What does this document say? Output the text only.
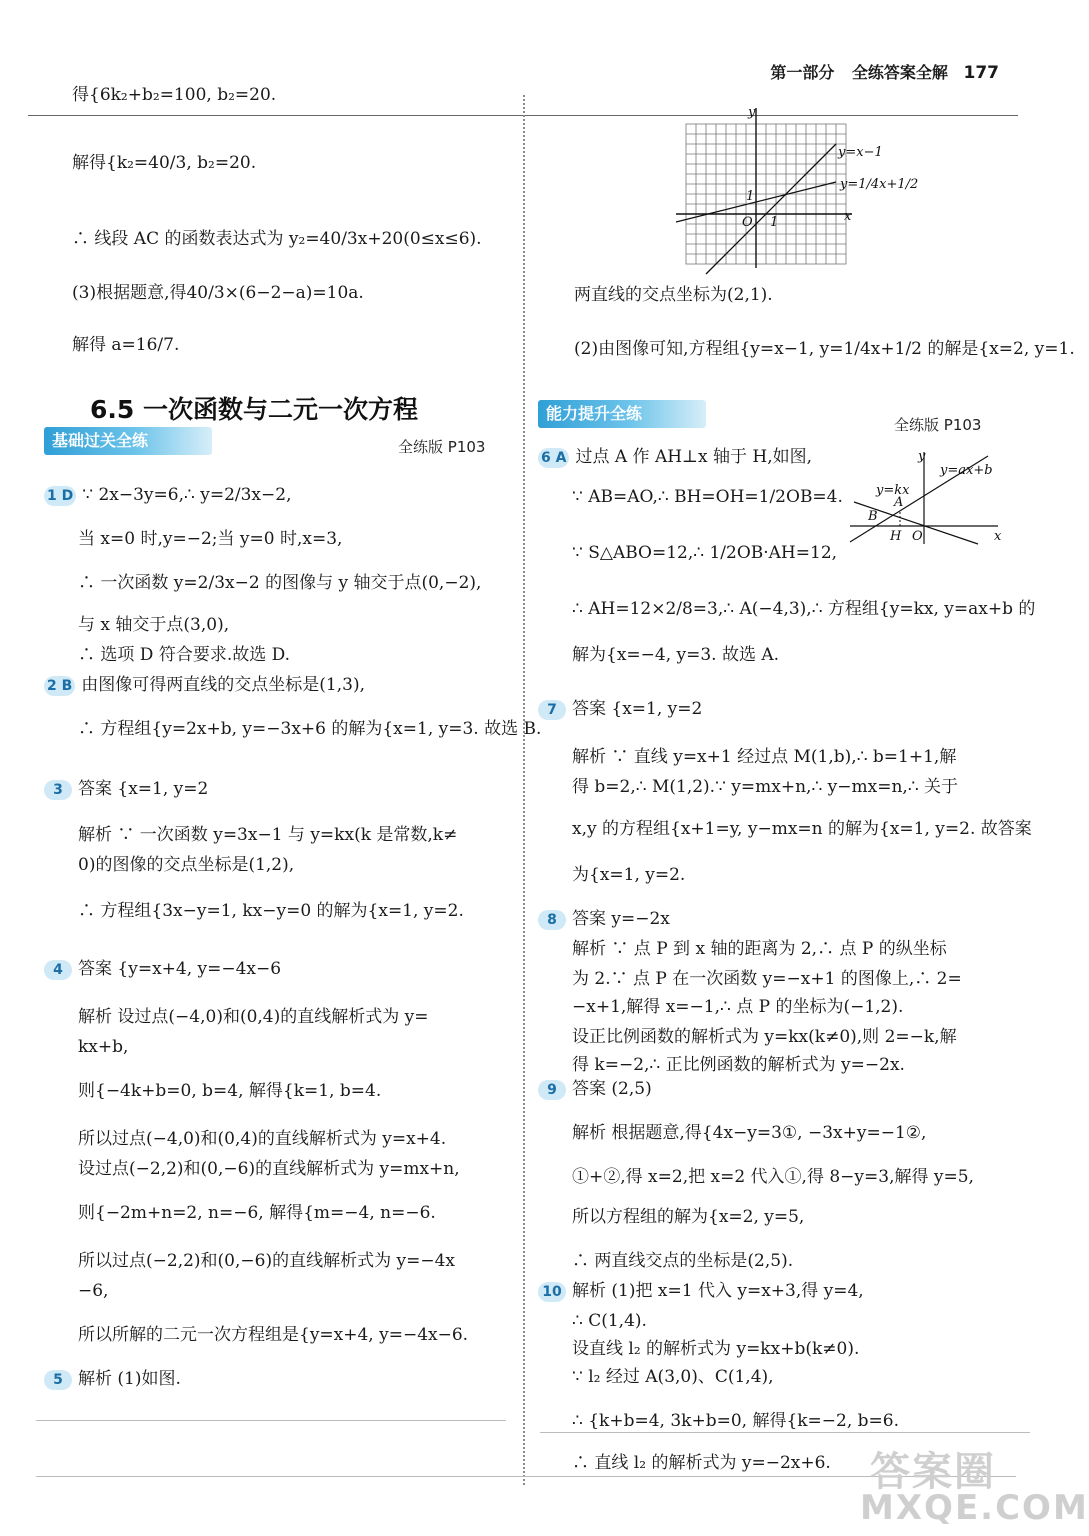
第一部分 全练答案全解 177
得{6k₂+b₂=100, b₂=20.
解得{k₂=40/3, b₂=20.
∴ 线段 AC 的函数表达式为 y₂=40/3x+20(0≤x≤6).
(3)根据题意,得40/3×(6−2−a)=10a.
解得 a=16/7.
6.5 一次函数与二元一次方程
基础过关全练	全练版 P103
1 D ∵ 2x−3y=6,∴ y=2/3x−2,
当 x=0 时,y=−2;当 y=0 时,x=3,
∴ 一次函数 y=2/3x−2 的图像与 y 轴交于点(0,−2),
与 x 轴交于点(3,0),
∴ 选项 D 符合要求.故选 D.
2 B 由图像可得两直线的交点坐标是(1,3),
∴ 方程组{y=2x+b, y=−3x+6 的解为{x=1, y=3. 故选 B.
3 答案 {x=1, y=2
解析 ∵ 一次函数 y=3x−1 与 y=kx(k 是常数,k≠
0)的图像的交点坐标是(1,2),
∴ 方程组{3x−y=1, kx−y=0 的解为{x=1, y=2.
4 答案 {y=x+4, y=−4x−6
解析 设过点(−4,0)和(0,4)的直线解析式为 y=
kx+b,
则{−4k+b=0, b=4, 解得{k=1, b=4.
所以过点(−4,0)和(0,4)的直线解析式为 y=x+4.
设过点(−2,2)和(0,−6)的直线解析式为 y=mx+n,
则{−2m+n=2, n=−6, 解得{m=−4, n=−6.
所以过点(−2,2)和(0,−6)的直线解析式为 y=−4x
−6,
所以所解的二元一次方程组是{y=x+4, y=−4x−6.
5 解析 (1)如图.
y
x
O 1
1
y=x−1
y=1/4x+1/2
两直线的交点坐标为(2,1).
(2)由图像可知,方程组{y=x−1, y=1/4x+1/2 的解是{x=2, y=1.
能力提升全练
全练版 P103
6 A 过点 A 作 AH⊥x 轴于 H,如图,
∵ AB=AO,∴ BH=OH=1/2OB=4.
∵ S△ABO=12,∴ 1/2OB·AH=12,
∴ AH=12×2/8=3,∴ A(−4,3),∴ 方程组{y=kx, y=ax+b 的
解为{x=−4, y=3. 故选 A.
y
x
y=ax+b
y=kx
A
B
H O
7 答案 {x=1, y=2
解析 ∵ 直线 y=x+1 经过点 M(1,b),∴ b=1+1,解
得 b=2,∴ M(1,2).∵ y=mx+n,∴ y−mx=n,∴ 关于
x,y 的方程组{x+1=y, y−mx=n 的解为{x=1, y=2. 故答案
为{x=1, y=2.
8 答案 y=−2x
解析 ∵ 点 P 到 x 轴的距离为 2,∴ 点 P 的纵坐标
为 2.∵ 点 P 在一次函数 y=−x+1 的图像上,∴ 2=
−x+1,解得 x=−1,∴ 点 P 的坐标为(−1,2).
设正比例函数的解析式为 y=kx(k≠0),则 2=−k,解
得 k=−2,∴ 正比例函数的解析式为 y=−2x.
9 答案 (2,5)
解析 根据题意,得{4x−y=3①, −3x+y=−1②,
①+②,得 x=2,把 x=2 代入①,得 8−y=3,解得 y=5,
所以方程组的解为{x=2, y=5,
∴ 两直线交点的坐标是(2,5).
10 解析 (1)把 x=1 代入 y=x+3,得 y=4,
∴ C(1,4).
设直线 l₂ 的解析式为 y=kx+b(k≠0).
∵ l₂ 经过 A(3,0)、C(1,4),
∴ {k+b=4, 3k+b=0, 解得{k=−2, b=6.
∴ 直线 l₂ 的解析式为 y=−2x+6. 答案圈
MXQE.COM
